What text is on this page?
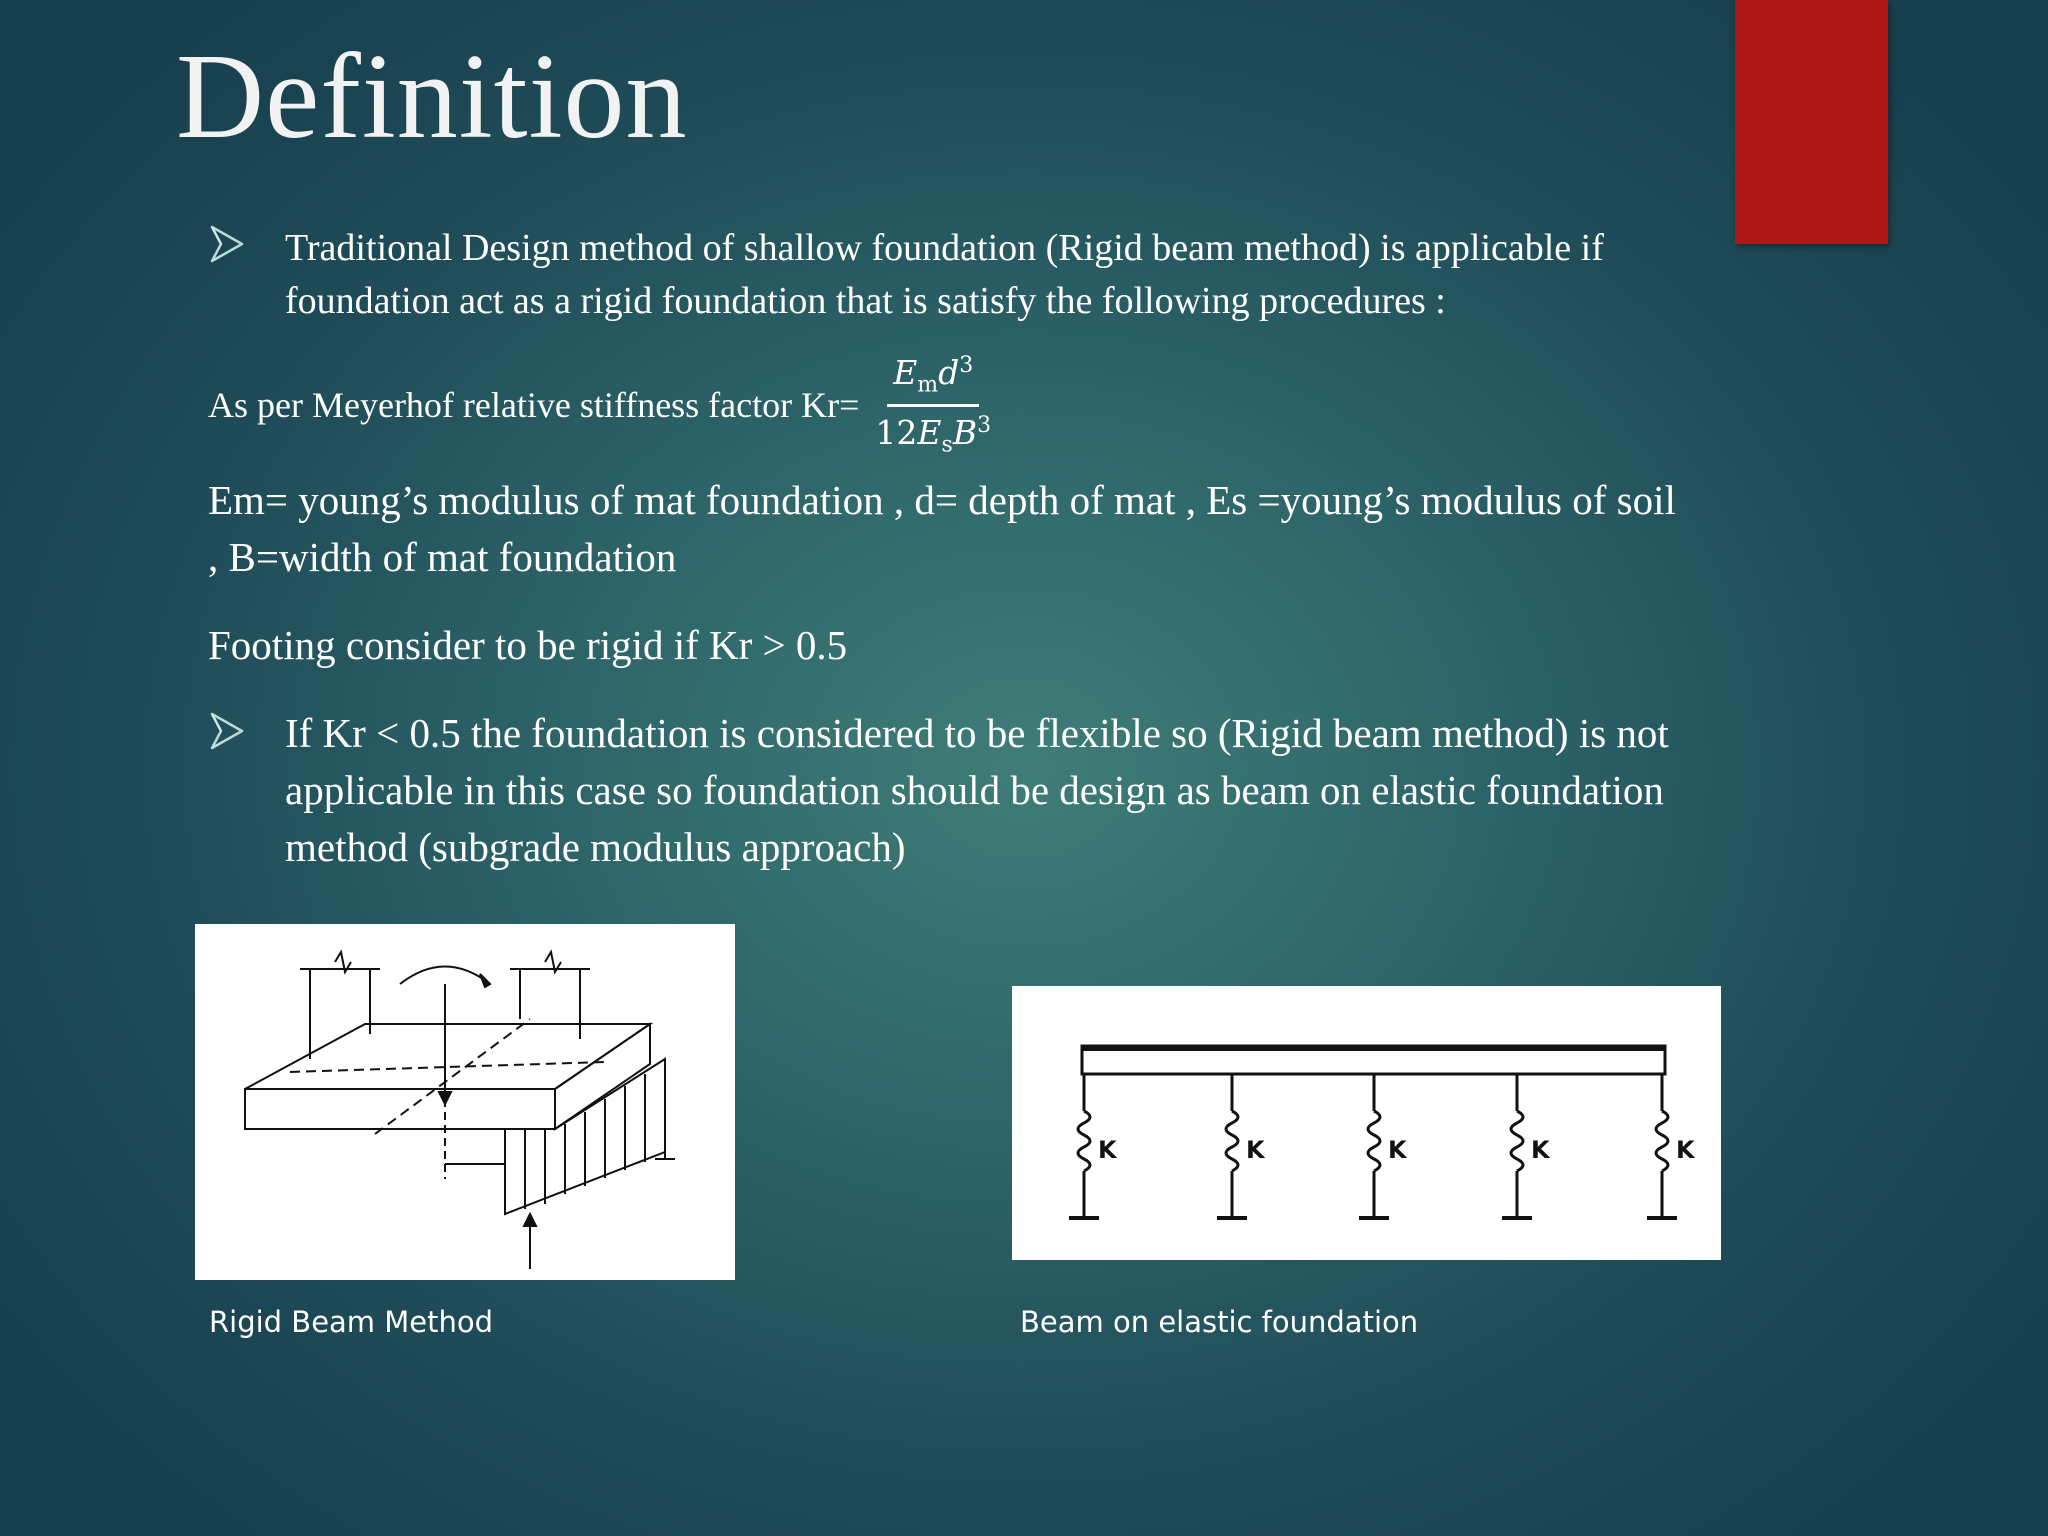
Definition
Traditional Design method of shallow foundation (Rigid beam method) is applicable if foundation act as a rigid foundation that is satisfy the following procedures :
As per Meyerhof relative stiffness factor $Kr= \frac{E_md^3}{12E_sB^3}$
Em= young’s modulus of mat foundation , d= depth of mat , Es =young’s modulus of soil , B=width of mat foundation
Footing consider to be rigid if Kr > 0.5
If Kr < 0.5 the foundation is considered to be flexible so (Rigid beam method) is not applicable in this case so foundation should be design as beam on elastic foundation method (subgrade modulus approach)
K	K	K	K	K
Rigid Beam Method	Beam on elastic foundation
